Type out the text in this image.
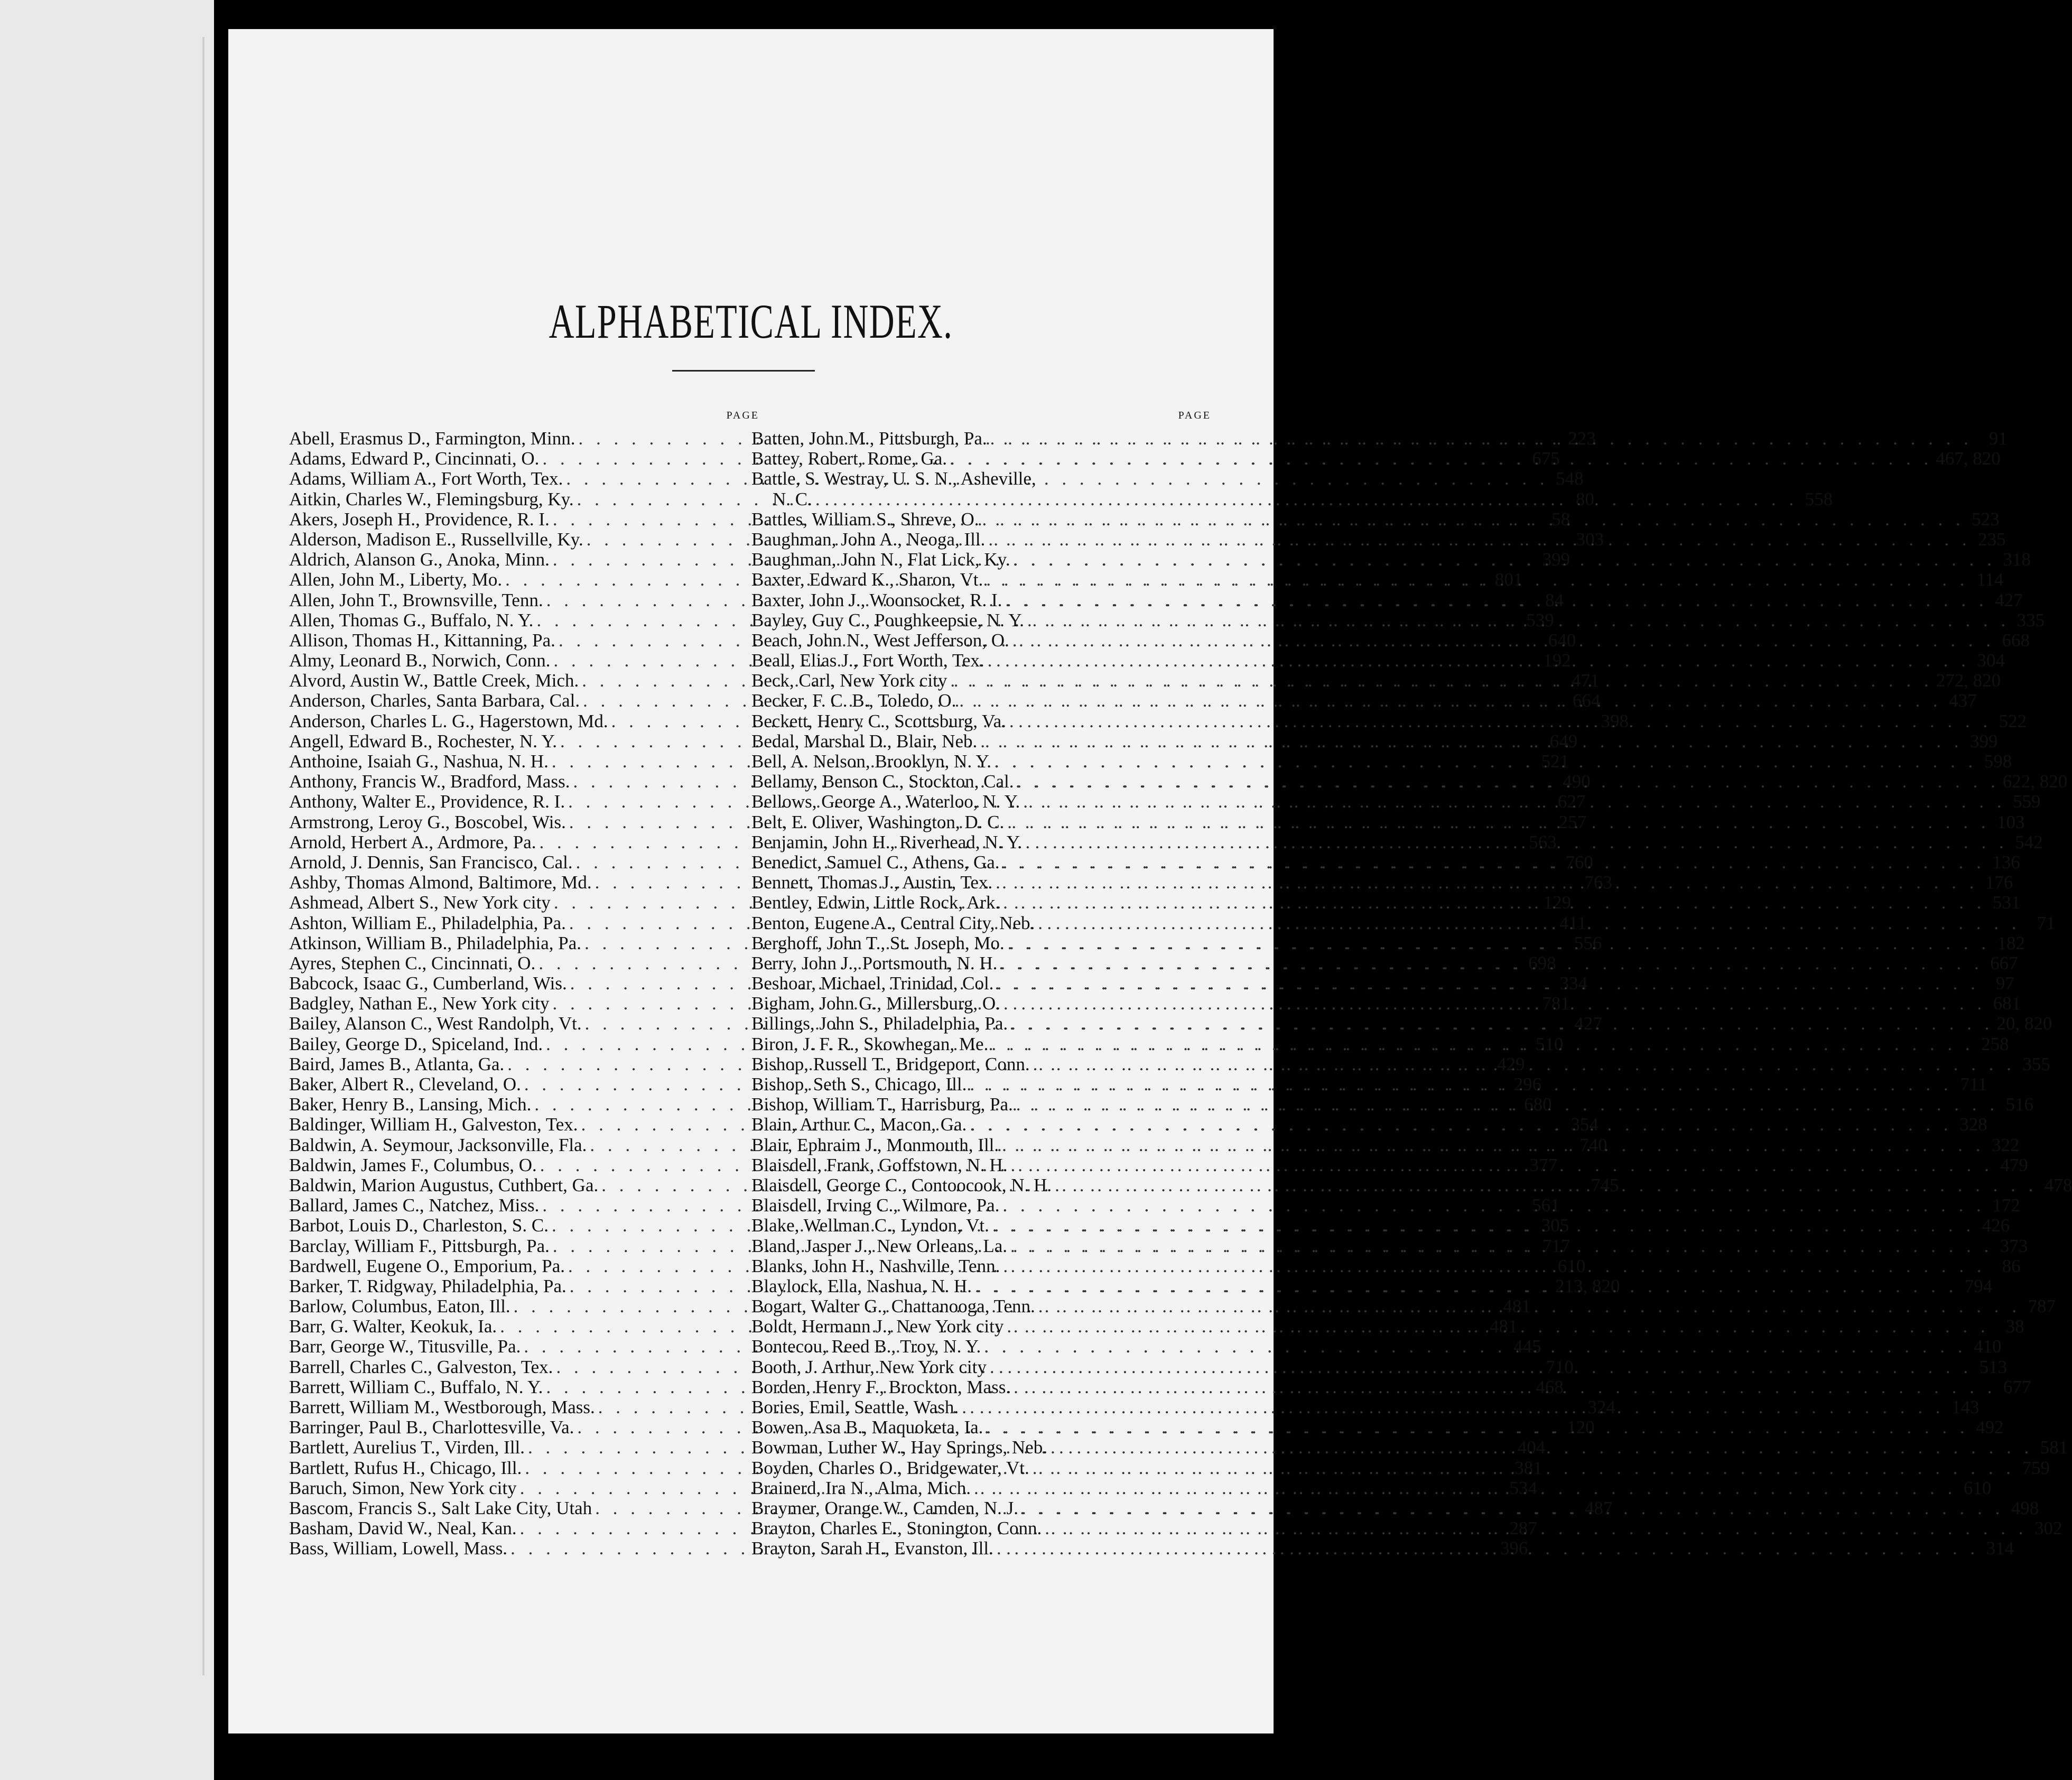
ALPHABETICAL INDEX.
PAGE
Abell, Erasmus D., Farmington, Minn. . . .	223
Adams, Edward P., Cincinnati, O. . . .	675
Adams, William A., Fort Worth, Tex. . . .	548
Aitkin, Charles W., Flemingsburg, Ky. . . .	80
Akers, Joseph H., Providence, R. I. . . .	58
Alderson, Madison E., Russellville, Ky. . . .	303
Aldrich, Alanson G., Anoka, Minn. . . .	399
Allen, John M., Liberty, Mo. . . .	801
Allen, John T., Brownsville, Tenn. . . .	84
Allen, Thomas G., Buffalo, N. Y. . . .	539
Allison, Thomas H., Kittanning, Pa. . . .	640
Almy, Leonard B., Norwich, Conn. . . .	192
Alvord, Austin W., Battle Creek, Mich. . . .	471
Anderson, Charles, Santa Barbara, Cal. . . .	664
Anderson, Charles L. G., Hagerstown, Md. . . .	398
Angell, Edward B., Rochester, N. Y. . . .	649
Anthoine, Isaiah G., Nashua, N. H. . . .	521
Anthony, Francis W., Bradford, Mass. . . .	490
Anthony, Walter E., Providence, R. I. . . .	627
Armstrong, Leroy G., Boscobel, Wis. . . .	257
Arnold, Herbert A., Ardmore, Pa. . . .	563
Arnold, J. Dennis, San Francisco, Cal. . . .	760
Ashby, Thomas Almond, Baltimore, Md. . . .	763
Ashmead, Albert S., New York city . . .	129
Ashton, William E., Philadelphia, Pa. . . .	411
Atkinson, William B., Philadelphia, Pa. . . .	556
Ayres, Stephen C., Cincinnati, O. . . .	698
Babcock, Isaac G., Cumberland, Wis. . . .	334
Badgley, Nathan E., New York city . . .	781
Bailey, Alanson C., West Randolph, Vt. . . .	427
Bailey, George D., Spiceland, Ind. . . .	510
Baird, James B., Atlanta, Ga. . . .	429
Baker, Albert R., Cleveland, O. . . .	296
Baker, Henry B., Lansing, Mich. . . .	680
Baldinger, William H., Galveston, Tex. . . .	354
Baldwin, A. Seymour, Jacksonville, Fla. . . .	740
Baldwin, James F., Columbus, O. . . .	377
Baldwin, Marion Augustus, Cuthbert, Ga. . . .	745
Ballard, James C., Natchez, Miss. . . .	561
Barbot, Louis D., Charleston, S. C. . . .	305
Barclay, William F., Pittsburgh, Pa. . . .	717
Bardwell, Eugene O., Emporium, Pa. . . .	610
Barker, T. Ridgway, Philadelphia, Pa. . . .	213, 820
Barlow, Columbus, Eaton, Ill. . . .	481
Barr, G. Walter, Keokuk, Ia. . . .	481
Barr, George W., Titusville, Pa. . . .	445
Barrell, Charles C., Galveston, Tex. . . .	710
Barrett, William C., Buffalo, N. Y. . . .	468
Barrett, William M., Westborough, Mass. . . .	324
Barringer, Paul B., Charlottesville, Va. . . .	120
Bartlett, Aurelius T., Virden, Ill. . . .	404
Bartlett, Rufus H., Chicago, Ill. . . .	381
Baruch, Simon, New York city . . .	534
Bascom, Francis S., Salt Lake City, Utah . . .	487
Basham, David W., Neal, Kan. . . .	287
Bass, William, Lowell, Mass. . . .	396
PAGE
Batten, John M., Pittsburgh, Pa. . . .	91
Battey, Robert, Rome, Ga. . . .	467, 820
Battle, S. Westray, U. S. N., Asheville,
N. C. . . .	558
Battles, William S., Shreve, O. . . .	523
Baughman, John A., Neoga, Ill. . . .	235
Baughman, John N., Flat Lick, Ky. . . .	318
Baxter, Edward K., Sharon, Vt. . . .	114
Baxter, John J., Woonsocket, R. I. . . .	427
Bayley, Guy C., Poughkeepsie, N. Y. . . .	335
Beach, John N., West Jefferson, O. . . .	668
Beall, Elias J., Fort Worth, Tex. . . .	304
Beck, Carl, New York city . . .	272, 820
Becker, F. C. B., Toledo, O. . . .	437
Beckett, Henry C., Scottsburg, Va. . . .	522
Bedal, Marshal D., Blair, Neb. . . .	399
Bell, A. Nelson, Brooklyn, N. Y. . . .	598
Bellamy, Benson C., Stockton, Cal. . . .	622, 820
Bellows, George A., Waterloo, N. Y. . . .	559
Belt, E. Oliver, Washington, D. C. . . .	103
Benjamin, John H., Riverhead, N. Y. . . .	542
Benedict, Samuel C., Athens, Ga. . . .	136
Bennett, Thomas J., Austin, Tex. . . .	176
Bentley, Edwin, Little Rock, Ark. . . .	531
Benton, Eugene A., Central City, Neb. . . .	71
Berghoff, John T., St. Joseph, Mo. . . .	182
Berry, John J., Portsmouth, N. H. . . .	667
Beshoar, Michael, Trinidad, Col. . . .	97
Bigham, John G., Millersburg, O. . . .	681
Billings, John S., Philadelphia, Pa. . . .	20, 820
Biron, J. F. R., Skowhegan, Me. . . .	258
Bishop, Russell T., Bridgeport, Conn. . . .	355
Bishop, Seth S., Chicago, Ill. . . .	711
Bishop, William T., Harrisburg, Pa. . . .	516
Blain, Arthur C., Macon, Ga. . . .	328
Blair, Ephraim J., Monmouth, Ill. . . .	322
Blaisdell, Frank, Goffstown, N. H. . . .	479
Blaisdell, George C., Contoocook, N. H. . . .	478
Blaisdell, Irving C., Wilmore, Pa. . . .	172
Blake, Wellman C., Lyndon, Vt. . . .	426
Bland, Jasper J., New Orleans, La. . . .	373
Blanks, John H., Nashville, Tenn. . . .	86
Blaylock, Ella, Nashua, N. H. . . .	794
Bogart, Walter G., Chattanooga, Tenn. . . .	787
Boldt, Hermann J., New York city . . .	38
Bontecou, Reed B., Troy, N. Y. . . .	410
Booth, J. Arthur, New York city . . .	513
Borden, Henry F., Brockton, Mass. . . .	677
Bories, Emil, Seattle, Wash. . . .	143
Bowen, Asa B., Maquoketa, Ia. . . .	492
Bowman, Luther W., Hay Springs, Neb. . . .	581
Boyden, Charles O., Bridgewater, Vt. . . .	759
Brainerd, Ira N., Alma, Mich. . . .	610
Braymer, Orange W., Camden, N. J. . . .	498
Brayton, Charles E., Stonington, Conn. . . .	302
Brayton, Sarah H., Evanston, Ill. . . .	314
